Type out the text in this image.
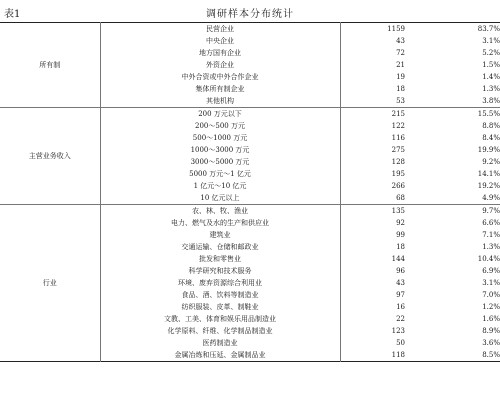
表1	调研样本分布统计
所有制	民营企业	1159	83.7%
	中央企业	43	3.1%
	地方国有企业	72	5.2%
	外资企业	21	1.5%
	中外合资或中外合作企业	19	1.4%
	集体所有制企业	18	1.3%
	其他机构	53	3.8%
主营业务收入	200 万元以下	215	15.5%
	200～500 万元	122	8.8%
	500～1000 万元	116	8.4%
	1000～3000 万元	275	19.9%
	3000～5000 万元	128	9.2%
	5000 万元～1 亿元	195	14.1%
	1 亿元～10 亿元	266	19.2%
	10 亿元以上	68	4.9%
行业	农、林、牧、渔业	135	9.7%
	电力、燃气及水的生产和供应业	92	6.6%
	建筑业	99	7.1%
	交通运输、仓储和邮政业	18	1.3%
	批发和零售业	144	10.4%
	科学研究和技术服务	96	6.9%
	环境、废弃资源综合利用业	43	3.1%
	食品、酒、饮料等制造业	97	7.0%
	纺织服装、皮革、制鞋业	16	1.2%
	文教、工美、体育和娱乐用品制造业	22	1.6%
	化学原料、纤维、化学制品制造业	123	8.9%
	医药制造业	50	3.6%
	金属冶炼和压延、金属制品业	118	8.5%
